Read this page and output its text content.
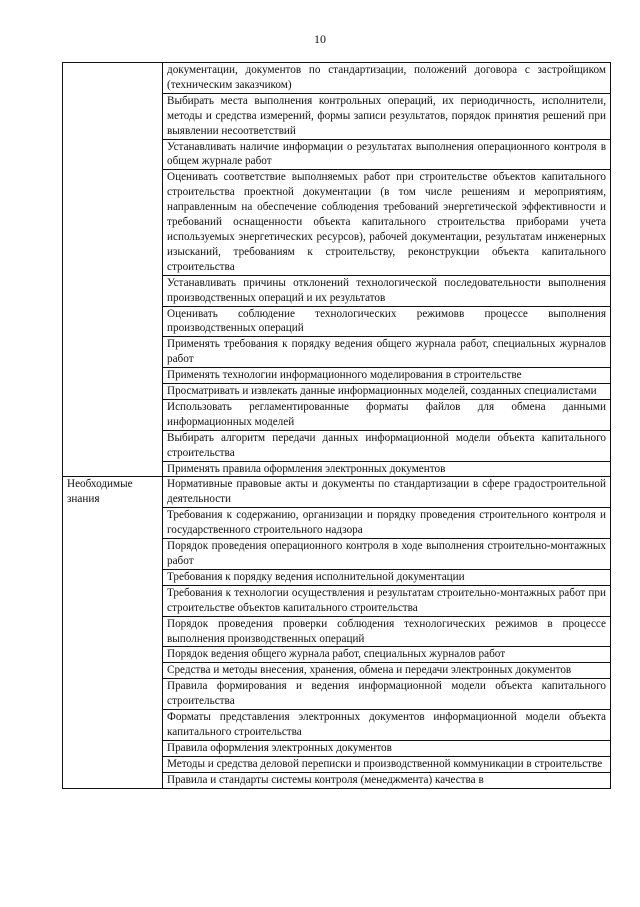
10
	документации, документов по стандартизации, положений договора с застройщиком (техническим заказчиком)
	Выбирать места выполнения контрольных операций, их периодичность, исполнители, методы и средства измерений, формы записи результатов, порядок принятия решений при выявлении несоответствий
	Устанавливать наличие информации о результатах выполнения операционного контроля в общем журнале работ
	Оценивать соответствие выполняемых работ при строительстве объектов капитального строительства проектной документации (в том числе решениям и мероприятиям, направленным на обеспечение соблюдения требований энергетической эффективности и требований оснащенности объекта капитального строительства приборами учета используемых энергетических ресурсов), рабочей документации, результатам инженерных изысканий, требованиям к строительству, реконструкции объекта капитального строительства
	Устанавливать причины отклонений технологической последовательности выполнения производственных операций и их результатов
	Оценивать соблюдение технологических режимовв процессе выполнения производственных операций
	Применять требования к порядку ведения общего журнала работ, специальных журналов работ
	Применять технологии информационного моделирования в строительстве
	Просматривать и извлекать данные информационных моделей, созданных специалистами
	Использовать регламентированные форматы файлов для обмена данными информационных моделей
	Выбирать алгоритм передачи данных информационной модели объекта капитального строительства
	Применять правила оформления электронных документов
Необходимые знания	Нормативные правовые акты и документы по стандартизации в сфере градостроительной деятельности
	Требования к содержанию, организации и порядку проведения строительного контроля и государственного строительного надзора
	Порядок проведения операционного контроля в ходе выполнения строительно-монтажных работ
	Требования к порядку ведения исполнительной документации
	Требования к технологии осуществления и результатам строительно-монтажных работ при строительстве объектов капитального строительства
	Порядок проведения проверки соблюдения технологических режимов в процессе выполнения производственных операций
	Порядок ведения общего журнала работ, специальных журналов работ
	Средства и методы внесения, хранения, обмена и передачи электронных документов
	Правила формирования и ведения информационной модели объекта капитального строительства
	Форматы представления электронных документов информационной модели объекта капитального строительства
	Правила оформления электронных документов
	Методы и средства деловой переписки и производственной коммуникации в строительстве
	Правила и стандарты системы контроля (менеджмента) качества в
